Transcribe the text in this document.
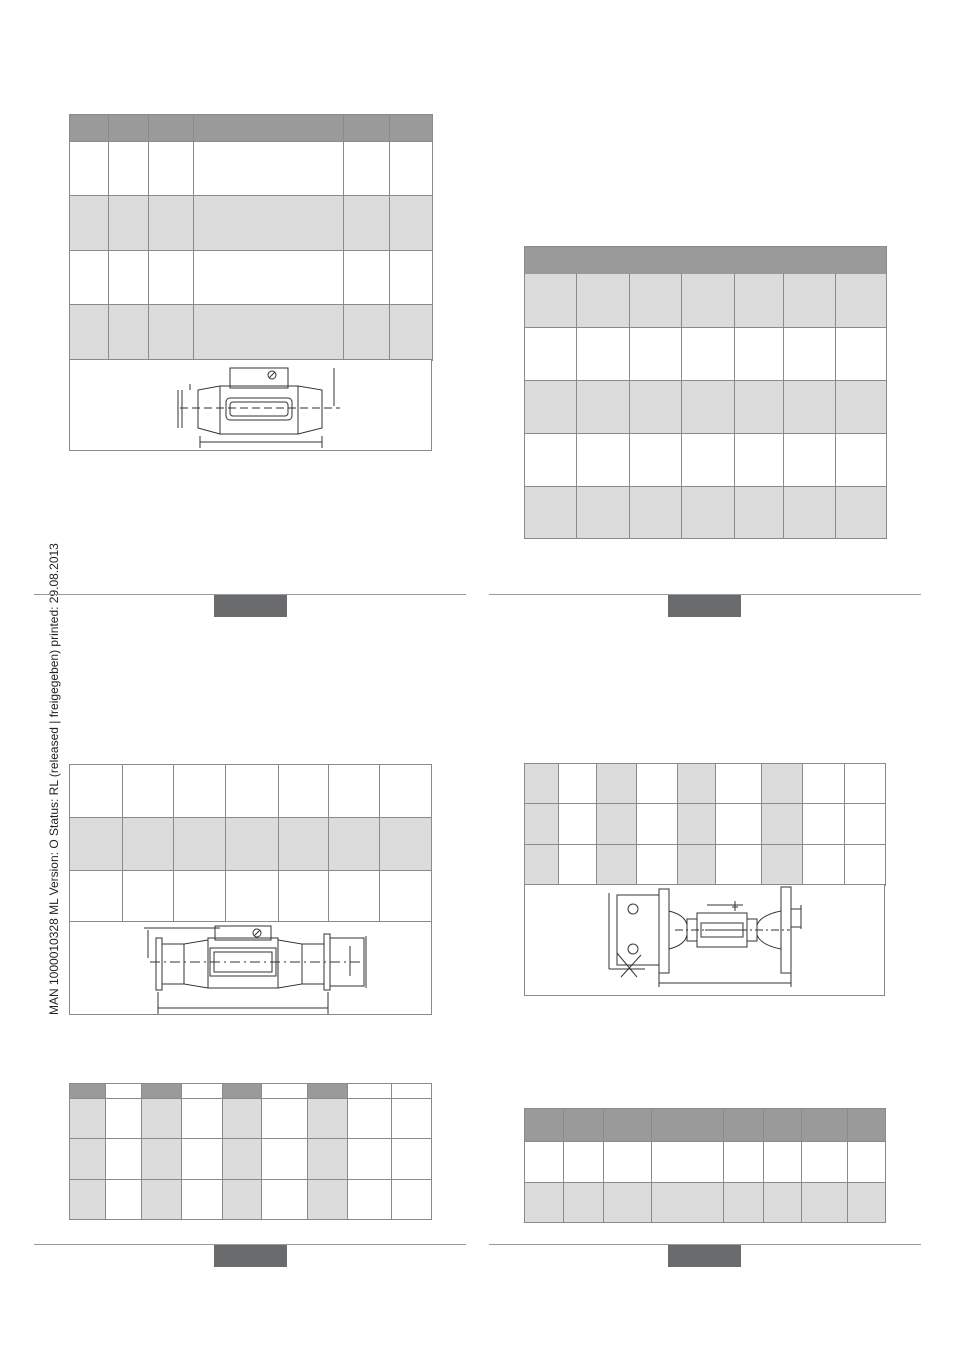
MAN 1000010328 ML Version: O Status: RL (released | freigegeben) printed: 29.08.2013
